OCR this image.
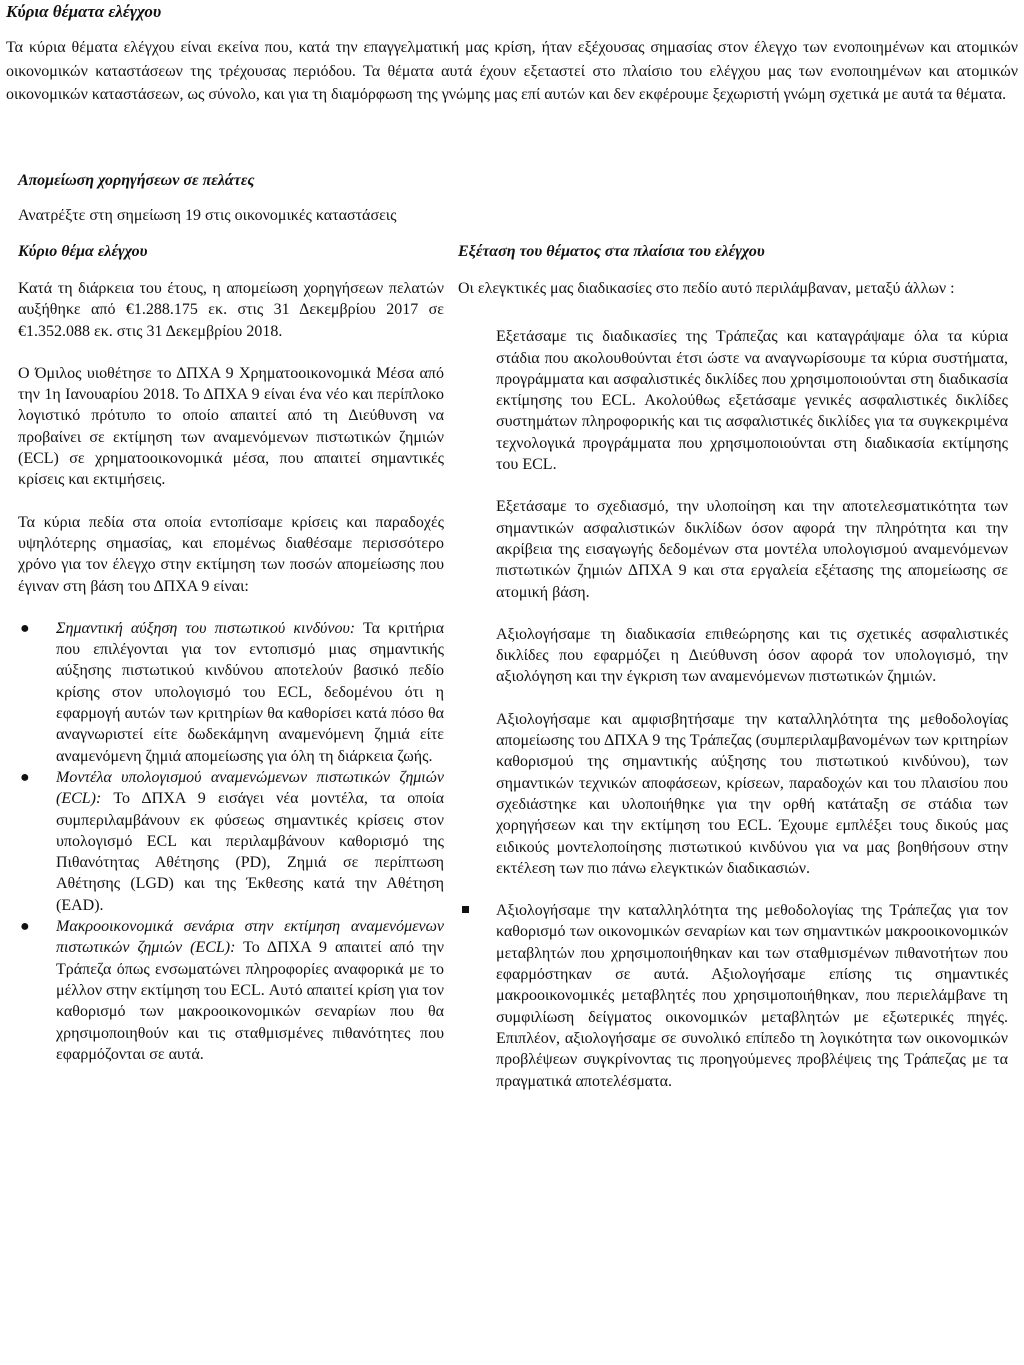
Κύρια θέματα ελέγχου

Τα κύρια θέματα ελέγχου είναι εκείνα που, κατά την επαγγελματική μας κρίση, ήταν εξέχουσας σημασίας στον έλεγχο των ενοποιημένων και ατομικών οικονομικών καταστάσεων της τρέχουσας περιόδου. Τα θέματα αυτά έχουν εξεταστεί στο πλαίσιο του ελέγχου μας των ενοποιημένων και ατομικών οικονομικών καταστάσεων, ως σύνολο, και για τη διαμόρφωση της γνώμης μας επί αυτών και δεν εκφέρουμε ξεχωριστή γνώμη σχετικά με αυτά τα θέματα.

Απομείωση χορηγήσεων σε πελάτες
Ανατρέξτε στη σημείωση 19 στις οικονομικές καταστάσεις
Κύριο θέμα ελέγχου	Εξέταση του θέματος στα πλαίσια του ελέγχου

Κατά τη διάρκεια του έτους, η απομείωση χορηγήσεων πελατών αυξήθηκε από €1.288.175 εκ. στις 31 Δεκεμβρίου 2017 σε €1.352.088 εκ. στις 31 Δεκεμβρίου 2018.

Ο Όμιλος υιοθέτησε το ΔΠΧΑ 9 Χρηματοοικονομικά Μέσα από την 1η Ιανουαρίου 2018. Το ΔΠΧΑ 9 είναι ένα νέο και περίπλοκο λογιστικό πρότυπο το οποίο απαιτεί από τη Διεύθυνση να προβαίνει σε εκτίμηση των αναμενόμενων πιστωτικών ζημιών (ECL) σε χρηματοοικονομικά μέσα, που απαιτεί σημαντικές κρίσεις και εκτιμήσεις.

Τα κύρια πεδία στα οποία εντοπίσαμε κρίσεις και παραδοχές υψηλότερης σημασίας, και επομένως διαθέσαμε περισσότερο χρόνο για τον έλεγχο στην εκτίμηση των ποσών απομείωσης που έγιναν στη βάση του ΔΠΧΑ 9 είναι:

● Σημαντική αύξηση του πιστωτικού κινδύνου: Τα κριτήρια που επιλέγονται για τον εντοπισμό μιας σημαντικής αύξησης πιστωτικού κινδύνου αποτελούν βασικό πεδίο κρίσης στον υπολογισμό του ECL, δεδομένου ότι η εφαρμογή αυτών των κριτηρίων θα καθορίσει κατά πόσο θα αναγνωριστεί είτε δωδεκάμηνη αναμενόμενη ζημιά είτε αναμενόμενη ζημιά απομείωσης για όλη τη διάρκεια ζωής.
● Μοντέλα υπολογισμού αναμενώμενων πιστωτικών ζημιών (ECL): Το ΔΠΧΑ 9 εισάγει νέα μοντέλα, τα οποία συμπεριλαμβάνουν εκ φύσεως σημαντικές κρίσεις στον υπολογισμό ECL και περιλαμβάνουν καθορισμό της Πιθανότητας Αθέτησης (PD), Ζημιά σε περίπτωση Αθέτησης (LGD) και της Έκθεσης κατά την Αθέτηση (EAD).
● Μακροοικονομικά σενάρια στην εκτίμηση αναμενόμενων πιστωτικών ζημιών (ECL): Το ΔΠΧΑ 9 απαιτεί από την Τράπεζα όπως ενσωματώνει πληροφορίες αναφορικά με το μέλλον στην εκτίμηση του ECL. Αυτό απαιτεί κρίση για τον καθορισμό των μακροοικονομικών σεναρίων που θα χρησιμοποιηθούν και τις σταθμισμένες πιθανότητες που εφαρμόζονται σε αυτά.

Οι ελεγκτικές μας διαδικασίες στο πεδίο αυτό περιλάμβαναν, μεταξύ άλλων :

Εξετάσαμε τις διαδικασίες της Τράπεζας και καταγράψαμε όλα τα κύρια στάδια που ακολουθούνται έτσι ώστε να αναγνωρίσουμε τα κύρια συστήματα, προγράμματα και ασφαλιστικές δικλίδες που χρησιμοποιούνται στη διαδικασία εκτίμησης του ECL. Ακολούθως εξετάσαμε γενικές ασφαλιστικές δικλίδες συστημάτων πληροφορικής και τις ασφαλιστικές δικλίδες για τα συγκεκριμένα τεχνολογικά προγράμματα που χρησιμοποιούνται στη διαδικασία εκτίμησης του ECL.

Εξετάσαμε το σχεδιασμό, την υλοποίηση και την αποτελεσματικότητα των σημαντικών ασφαλιστικών δικλίδων όσον αφορά την πληρότητα και την ακρίβεια της εισαγωγής δεδομένων στα μοντέλα υπολογισμού αναμενόμενων πιστωτικών ζημιών ΔΠΧΑ 9 και στα εργαλεία εξέτασης της απομείωσης σε ατομική βάση.

Αξιολογήσαμε τη διαδικασία επιθεώρησης και τις σχετικές ασφαλιστικές δικλίδες που εφαρμόζει η Διεύθυνση όσον αφορά τον υπολογισμό, την αξιολόγηση και την έγκριση των αναμενόμενων πιστωτικών ζημιών.

Αξιολογήσαμε και αμφισβητήσαμε την καταλληλότητα της μεθοδολογίας απομείωσης του ΔΠΧΑ 9 της Τράπεζας (συμπεριλαμβανομένων των κριτηρίων καθορισμού της σημαντικής αύξησης του πιστωτικού κινδύνου), των σημαντικών τεχνικών αποφάσεων, κρίσεων, παραδοχών και του πλαισίου που σχεδιάστηκε και υλοποιήθηκε για την ορθή κατάταξη σε στάδια των χορηγήσεων και την εκτίμηση του ECL. Έχουμε εμπλέξει τους δικούς μας ειδικούς μοντελοποίησης πιστωτικού κινδύνου για να μας βοηθήσουν στην εκτέλεση των πιο πάνω ελεγκτικών διαδικασιών.

Αξιολογήσαμε την καταλληλότητα της μεθοδολογίας της Τράπεζας για τον καθορισμό των οικονομικών σεναρίων και των σημαντικών μακροοικονομικών μεταβλητών που χρησιμοποιήθηκαν και των σταθμισμένων πιθανοτήτων που εφαρμόστηκαν σε αυτά. Αξιολογήσαμε επίσης τις σημαντικές μακροοικονομικές μεταβλητές που χρησιμοποιήθηκαν, που περιελάμβανε τη συμφιλίωση δείγματος οικονομικών μεταβλητών με εξωτερικές πηγές. Επιπλέον, αξιολογήσαμε σε συνολικό επίπεδο τη λογικότητα των οικονομικών προβλέψεων συγκρίνοντας τις προηγούμενες προβλέψεις της Τράπεζας με τα πραγματικά αποτελέσματα.
